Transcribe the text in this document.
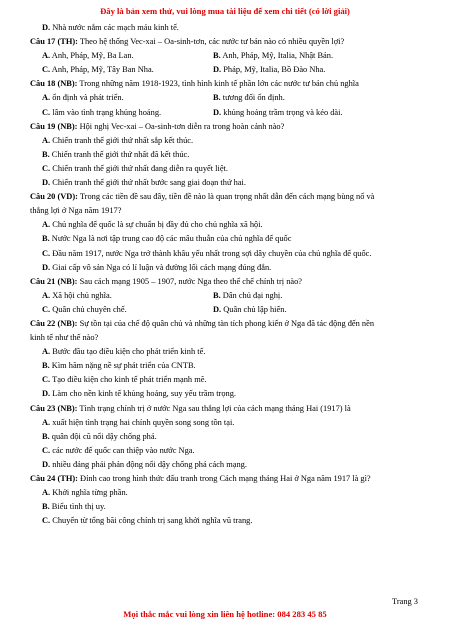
Đây là bản xem thử, vui lòng mua tài liệu để xem chi tiết (có lời giải)
D. Nhà nước nắm các mạch máu kinh tế.
Câu 17 (TH): Theo hệ thống Vec-xai – Oa-sinh-tơn, các nước tư bản nào có nhiều quyền lợi?
A. Anh, Pháp, Mỹ, Ba Lan.	B. Anh, Pháp, Mỹ, Italia, Nhật Bản.
C. Anh, Pháp, Mỹ, Tây Ban Nha.	D. Pháp, Mỹ, Italia, Bồ Đào Nha.
Câu 18 (NB): Trong những năm 1918-1923, tình hình kinh tế phần lớn các nước tư bản chủ nghĩa
A. ổn định và phát triển.	B. tương đối ổn định.
C. lâm vào tình trạng khủng hoảng.	D. khủng hoảng trầm trọng và kéo dài.
Câu 19 (NB): Hội nghị Vec-xai – Oa-sinh-tơn diễn ra trong hoàn cảnh nào?
A. Chiến tranh thế giới thứ nhất sắp kết thúc.
B. Chiến tranh thế giới thứ nhất đã kết thúc.
C. Chiến tranh thế giới thứ nhất đang diễn ra quyết liệt.
D. Chiến tranh thế giới thứ nhất bước sang giai đoạn thứ hai.
Câu 20 (VD): Trong các tiền đề sau đây, tiền đề nào là quan trọng nhất dẫn đến cách mạng bùng nổ và
thắng lợi ở Nga năm 1917?
A. Chủ nghĩa đế quốc là sự chuẩn bị đầy đủ cho chủ nghĩa xã hội.
B. Nước Nga là nơi tập trung cao độ các mâu thuẫn của chủ nghĩa đế quốc
C. Đầu năm 1917, nước Nga trở thành khâu yếu nhất trong sợi dây chuyền của chủ nghĩa đế quốc.
D. Giai cấp vô sản Nga có lí luận và đường lối cách mạng đúng đắn.
Câu 21 (NB): Sau cách mạng 1905 – 1907, nước Nga theo thể chế chính trị nào?
A. Xã hội chủ nghĩa.	B. Dân chủ đại nghị.
C. Quân chủ chuyên chế.	D. Quân chủ lập hiến.
Câu 22 (NB): Sự tồn tại của chế độ quân chủ và những tàn tích phong kiến ở Nga đã tác động đến nền
kinh tế như thế nào?
A. Bước đầu tạo điều kiện cho phát triển kinh tế.
B. Kìm hãm nặng nề sự phát triển của CNTB.
C. Tạo điều kiện cho kinh tế phát triển mạnh mẽ.
D. Làm cho nền kinh tế khủng hoảng, suy yếu trầm trọng.
Câu 23 (NB): Tình trạng chính trị ở nước Nga sau thắng lợi của cách mạng tháng Hai (1917) là
A. xuất hiện tình trạng hai chính quyền song song tồn tại.
B. quân đội cũ nổi dậy chống phá.
C. các nước đế quốc can thiệp vào nước Nga.
D. nhiều đảng phái phản động nổi dậy chống phá cách mạng.
Câu 24 (TH): Đỉnh cao trong hình thức đấu tranh trong Cách mạng tháng Hai ở Nga năm 1917 là gì?
A. Khởi nghĩa từng phần.
B. Biểu tình thị uy.
C. Chuyển từ tổng bãi công chính trị sang khởi nghĩa vũ trang.
Trang 3
Mọi thắc mắc vui lòng xin liên hệ hotline: 084 283 45 85
